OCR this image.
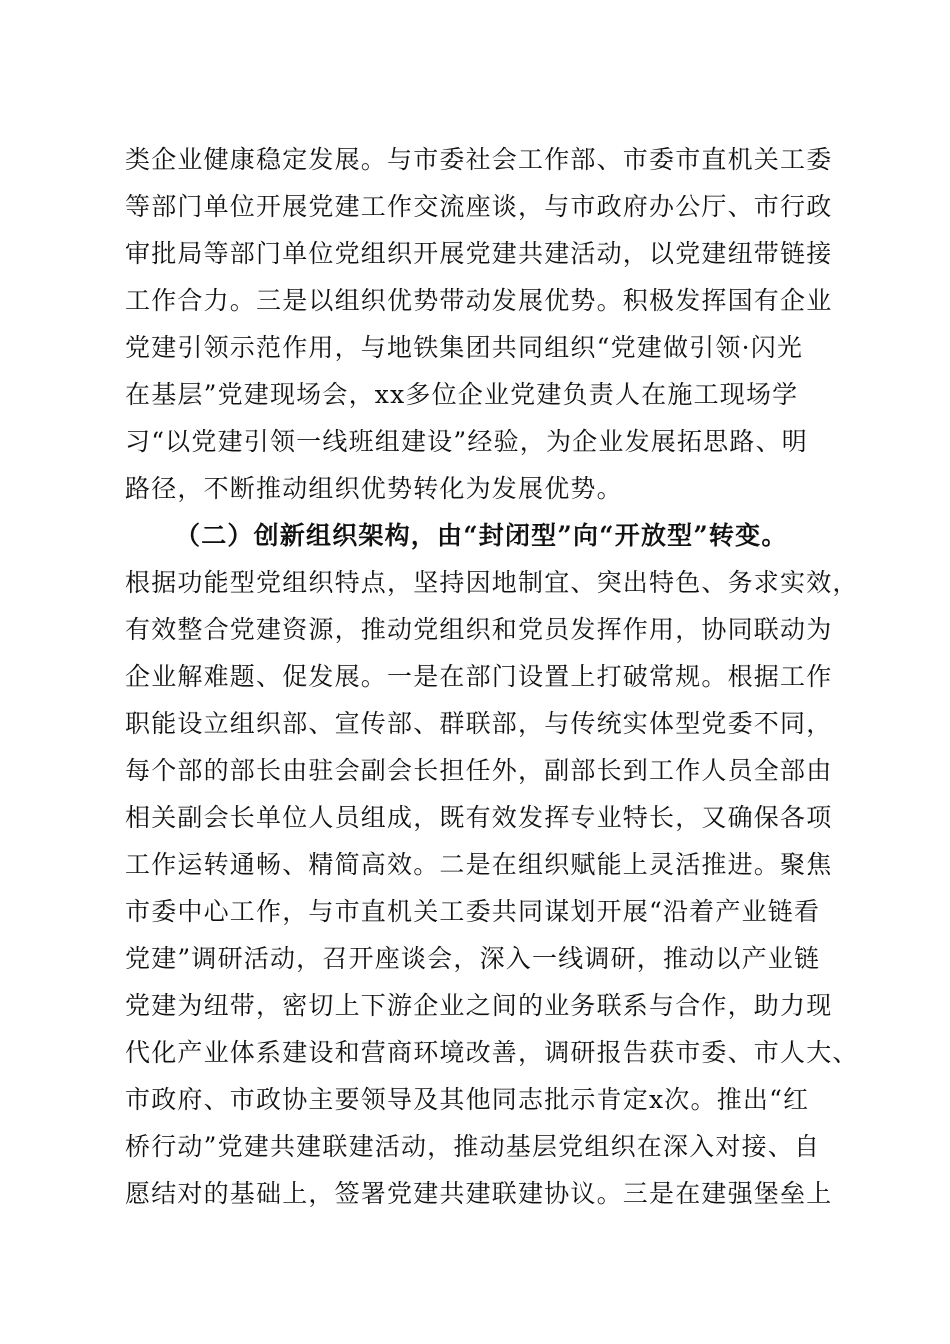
类企业健康稳定发展。与市委社会工作部、市委市直机关工委
等部门单位开展党建工作交流座谈，与市政府办公厅、市行政
审批局等部门单位党组织开展党建共建活动，以党建纽带链接
工作合力。三是以组织优势带动发展优势。积极发挥国有企业
党建引领示范作用，与地铁集团共同组织“党建做引领·闪光
在基层”党建现场会，xx多位企业党建负责人在施工现场学
习“以党建引领一线班组建设”经验，为企业发展拓思路、明
路径，不断推动组织优势转化为发展优势。
（二）创新组织架构，由“封闭型”向“开放型”转变。
根据功能型党组织特点，坚持因地制宜、突出特色、务求实效，
有效整合党建资源，推动党组织和党员发挥作用，协同联动为
企业解难题、促发展。一是在部门设置上打破常规。根据工作
职能设立组织部、宣传部、群联部，与传统实体型党委不同，
每个部的部长由驻会副会长担任外，副部长到工作人员全部由
相关副会长单位人员组成，既有效发挥专业特长，又确保各项
工作运转通畅、精简高效。二是在组织赋能上灵活推进。聚焦
市委中心工作，与市直机关工委共同谋划开展“沿着产业链看
党建”调研活动，召开座谈会，深入一线调研，推动以产业链
党建为纽带，密切上下游企业之间的业务联系与合作，助力现
代化产业体系建设和营商环境改善，调研报告获市委、市人大、
市政府、市政协主要领导及其他同志批示肯定x次。推出“红
桥行动”党建共建联建活动，推动基层党组织在深入对接、自
愿结对的基础上，签署党建共建联建协议。三是在建强堡垒上
